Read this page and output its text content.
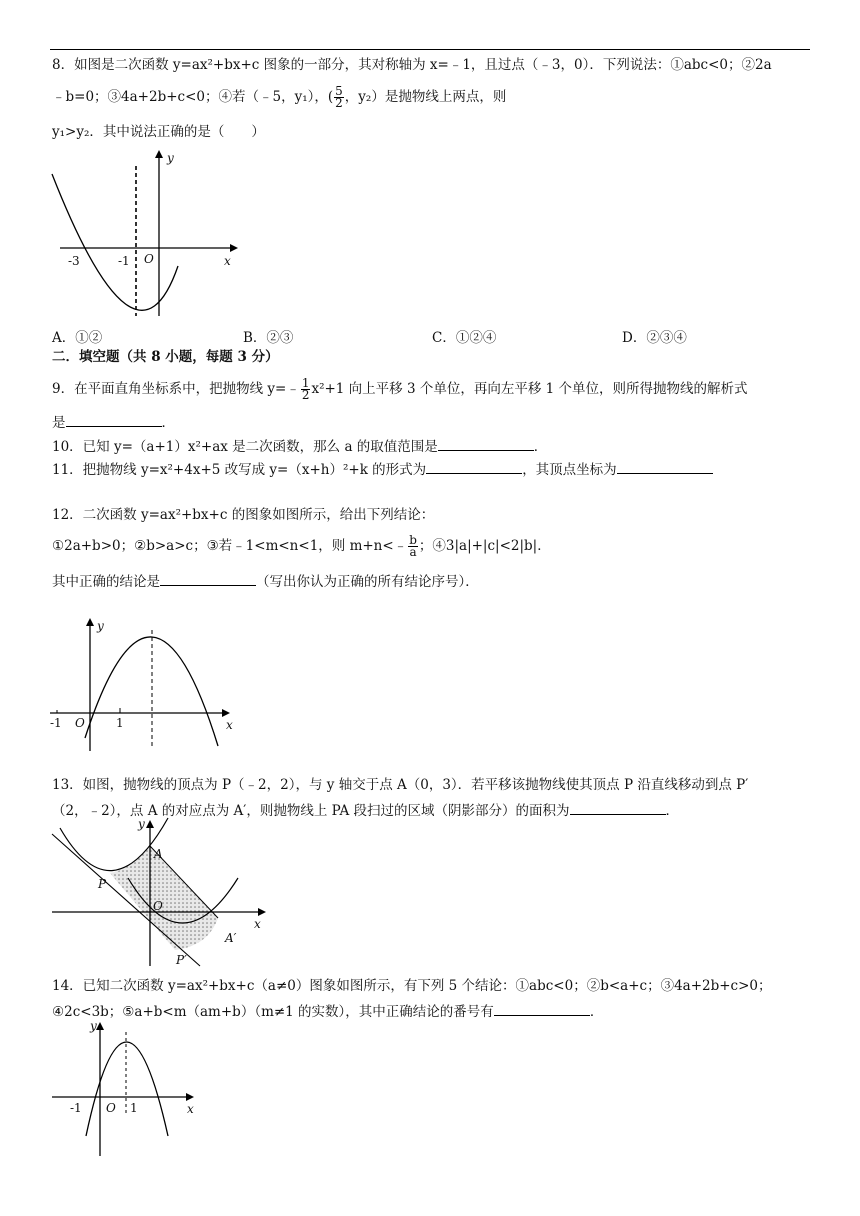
8．如图是二次函数 y=ax²+bx+c 图象的一部分，其对称轴为 x=﹣1，且过点（﹣3，0）．下列说法：①abc<0；②2a
﹣b=0；③4a+2b+c<0；④若（﹣5，y₁），( $\frac{5}{2}$ ，y₂）是抛物线上两点，则
y₁>y₂．其中说法正确的是（　　）
y
x
-3	-1 O
A．①②	B．②③	C．①②④	D．②③④
二．填空题（共 8 小题，每题 3 分）
9．在平面直角坐标系中，把抛物线 y=﹣ $\frac{1}{2} x^2+1$ 向上平移 3 个单位，再向左平移 1 个单位，则所得抛物线的解析式
是	．
10．已知 y=（a+1）x²+ax 是二次函数，那么 a 的取值范围是	．
11．把抛物线 y=x²+4x+5 改写成 y=（x+h）²+k 的形式为	，其顶点坐标为
12．二次函数 y=ax²+bx+c 的图象如图所示，给出下列结论：
①2a+b>0；②b>a>c；③若﹣1<m<n<1，则 m+n<﹣ $\frac{b}{a}$ ；④3|a|+|c|<2|b|．
其中正确的结论是	（写出你认为正确的所有结论序号）．
y
x
-1	1
O
13．如图，抛物线的顶点为 P（﹣2，2），与 y 轴交于点 A（0，3）．若平移该抛物线使其顶点 P 沿直线移动到点 P′
（2，﹣2），点 A 的对应点为 A′，则抛物线上 PA 段扫过的区域（阴影部分）的面积为	．
y
x
A
P
O
A′
P′
14．已知二次函数 y=ax²+bx+c（a≠0）图象如图所示，有下列 5 个结论：①abc<0；②b<a+c；③4a+2b+c>0；
④2c<3b；⑤a+b<m（am+b）（m≠1 的实数），其中正确结论的番号有	．
y
x
-1	1
O
